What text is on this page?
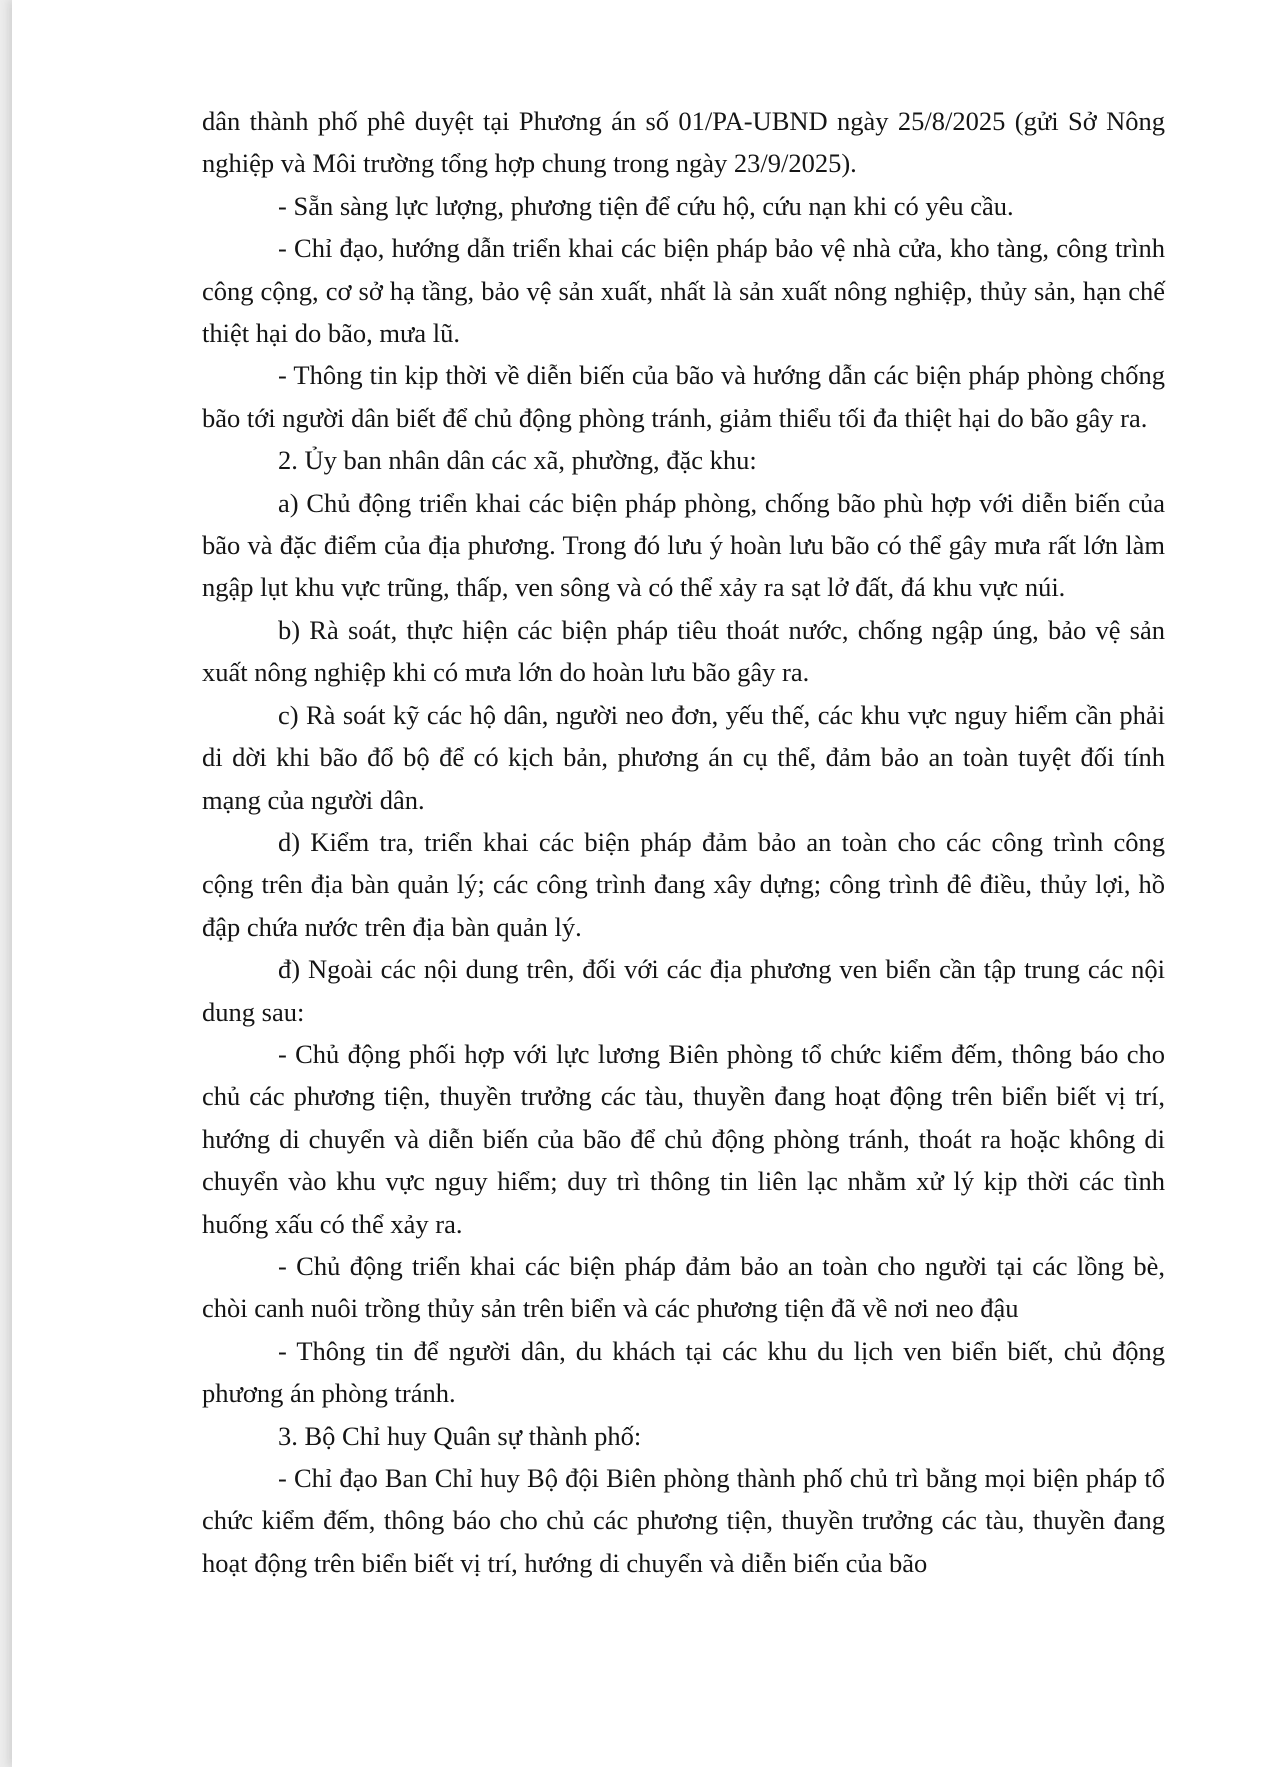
dân thành phố phê duyệt tại Phương án số 01/PA-UBND ngày 25/8/2025 (gửi Sở Nông nghiệp và Môi trường tổng hợp chung trong ngày 23/9/2025).

- Sẵn sàng lực lượng, phương tiện để cứu hộ, cứu nạn khi có yêu cầu.

- Chỉ đạo, hướng dẫn triển khai các biện pháp bảo vệ nhà cửa, kho tàng, công trình công cộng, cơ sở hạ tầng, bảo vệ sản xuất, nhất là sản xuất nông nghiệp, thủy sản, hạn chế thiệt hại do bão, mưa lũ.

- Thông tin kịp thời về diễn biến của bão và hướng dẫn các biện pháp phòng chống bão tới người dân biết để chủ động phòng tránh, giảm thiểu tối đa thiệt hại do bão gây ra.

2. Ủy ban nhân dân các xã, phường, đặc khu:

a) Chủ động triển khai các biện pháp phòng, chống bão phù hợp với diễn biến của bão và đặc điểm của địa phương. Trong đó lưu ý hoàn lưu bão có thể gây mưa rất lớn làm ngập lụt khu vực trũng, thấp, ven sông và có thể xảy ra sạt lở đất, đá khu vực núi.

b) Rà soát, thực hiện các biện pháp tiêu thoát nước, chống ngập úng, bảo vệ sản xuất nông nghiệp khi có mưa lớn do hoàn lưu bão gây ra.

c) Rà soát kỹ các hộ dân, người neo đơn, yếu thế, các khu vực nguy hiểm cần phải di dời khi bão đổ bộ để có kịch bản, phương án cụ thể, đảm bảo an toàn tuyệt đối tính mạng của người dân.

d) Kiểm tra, triển khai các biện pháp đảm bảo an toàn cho các công trình công cộng trên địa bàn quản lý; các công trình đang xây dựng; công trình đê điều, thủy lợi, hồ đập chứa nước trên địa bàn quản lý.

đ) Ngoài các nội dung trên, đối với các địa phương ven biển cần tập trung các nội dung sau:

- Chủ động phối hợp với lực lương Biên phòng tổ chức kiểm đếm, thông báo cho chủ các phương tiện, thuyền trưởng các tàu, thuyền đang hoạt động trên biển biết vị trí, hướng di chuyển và diễn biến của bão để chủ động phòng tránh, thoát ra hoặc không di chuyển vào khu vực nguy hiểm; duy trì thông tin liên lạc nhằm xử lý kịp thời các tình huống xấu có thể xảy ra.

- Chủ động triển khai các biện pháp đảm bảo an toàn cho người tại các lồng bè, chòi canh nuôi trồng thủy sản trên biển và các phương tiện đã về nơi neo đậu

- Thông tin để người dân, du khách tại các khu du lịch ven biển biết, chủ động phương án phòng tránh.

3. Bộ Chỉ huy Quân sự thành phố:

- Chỉ đạo Ban Chỉ huy Bộ đội Biên phòng thành phố chủ trì bằng mọi biện pháp tổ chức kiểm đếm, thông báo cho chủ các phương tiện, thuyền trưởng các tàu, thuyền đang hoạt động trên biển biết vị trí, hướng di chuyển và diễn biến của bão
